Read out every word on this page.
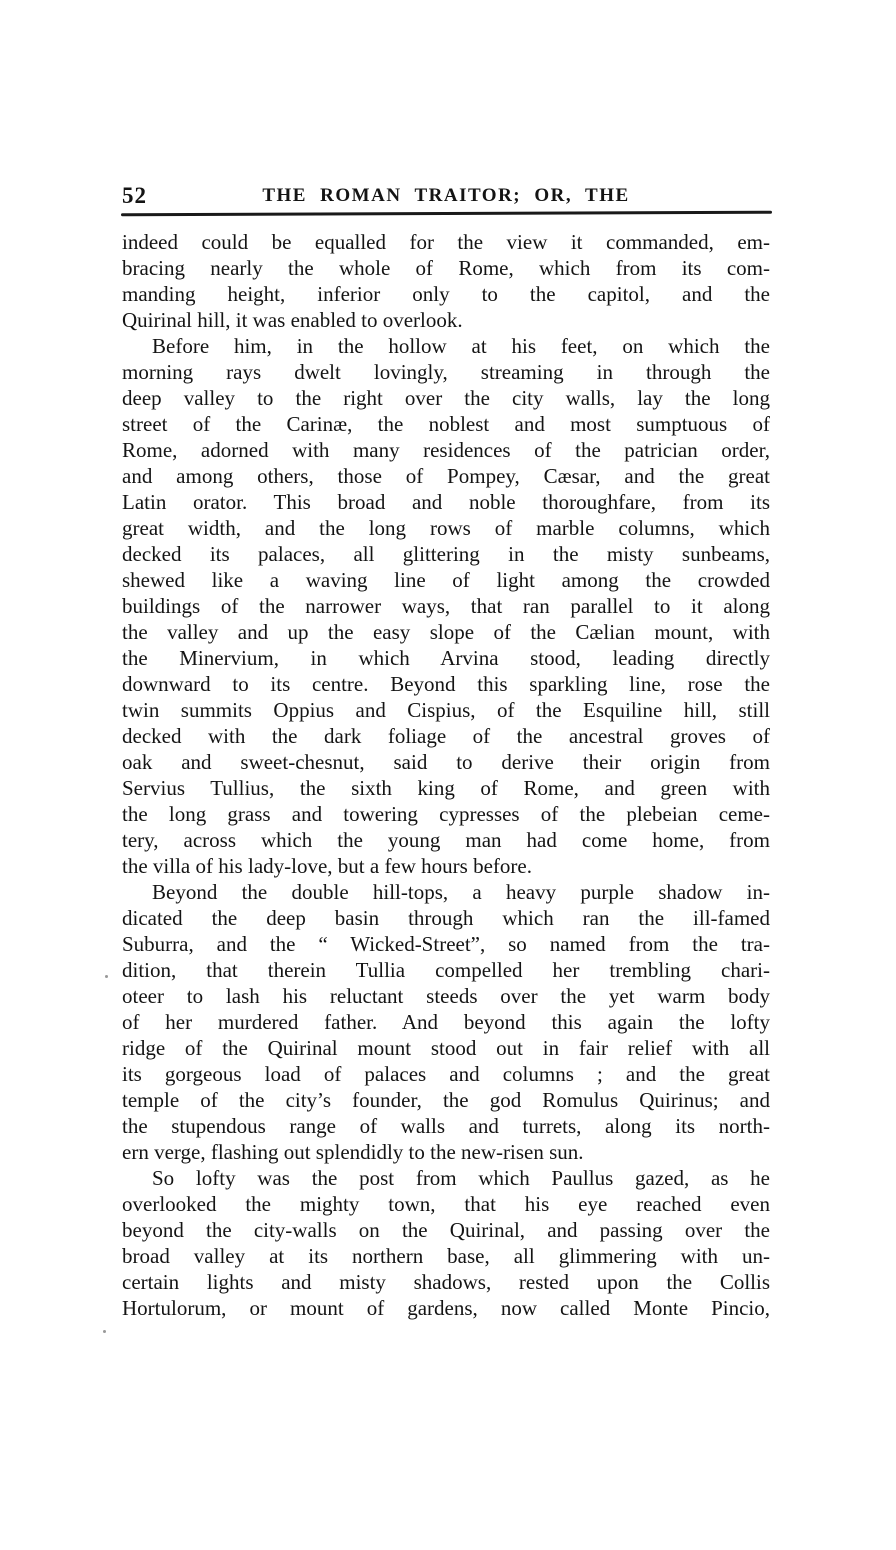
52	THE ROMAN TRAITOR; OR, THE
indeed could be equalled for the view it commanded, em-
bracing nearly the whole of Rome, which from its com-
manding height, inferior only to the capitol, and the
Quirinal hill, it was enabled to overlook.
Before him, in the hollow at his feet, on which the
morning rays dwelt lovingly, streaming in through the
deep valley to the right over the city walls, lay the long
street of the Carinæ, the noblest and most sumptuous of
Rome, adorned with many residences of the patrician order,
and among others, those of Pompey, Cæsar, and the great
Latin orator. This broad and noble thoroughfare, from its
great width, and the long rows of marble columns, which
decked its palaces, all glittering in the misty sunbeams,
shewed like a waving line of light among the crowded
buildings of the narrower ways, that ran parallel to it along
the valley and up the easy slope of the Cælian mount, with
the Minervium, in which Arvina stood, leading directly
downward to its centre. Beyond this sparkling line, rose the
twin summits Oppius and Cispius, of the Esquiline hill, still
decked with the dark foliage of the ancestral groves of
oak and sweet-chesnut, said to derive their origin from
Servius Tullius, the sixth king of Rome, and green with
the long grass and towering cypresses of the plebeian ceme-
tery, across which the young man had come home, from
the villa of his lady-love, but a few hours before.
Beyond the double hill-tops, a heavy purple shadow in-
dicated the deep basin through which ran the ill-famed
Suburra, and the “ Wicked-Street”, so named from the tra-
dition, that therein Tullia compelled her trembling chari-
oteer to lash his reluctant steeds over the yet warm body
of her murdered father. And beyond this again the lofty
ridge of the Quirinal mount stood out in fair relief with all
its gorgeous load of palaces and columns ; and the great
temple of the city’s founder, the god Romulus Quirinus; and
the stupendous range of walls and turrets, along its north-
ern verge, flashing out splendidly to the new-risen sun.
So lofty was the post from which Paullus gazed, as he
overlooked the mighty town, that his eye reached even
beyond the city-walls on the Quirinal, and passing over the
broad valley at its northern base, all glimmering with un-
certain lights and misty shadows, rested upon the Collis
Hortulorum, or mount of gardens, now called Monte Pincio,
